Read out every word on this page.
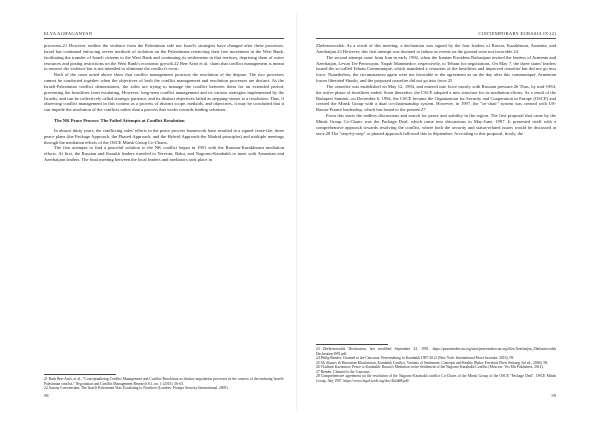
ELYA AGHAGANYAN

processes.21 However, neither the violence from the Palestinian side nor Israel's strategies have changed after these processes. Israel has continued enforcing severe methods of isolation on the Palestinians restricting their free movement in the West Bank, facilitating the transfer of Israeli citizens to the West Bank and continuing its settlements in that territory, depriving them of water resources and posing restrictions on the West Bank's economic growth.22 Ben-Artzi et al. claim that conflict management is meant to remove the violence but is not intended to eliminate the conflict's roots.

Both of the cases noted above show that conflict management protracts the resolution of the dispute. The two processes cannot be conducted together when the objectives of both the conflict management and resolution processes are distinct. As the Israeli-Palestinian conflict demonstrates, the sides are trying to manage the conflict between them for an extended period, preventing the hostilities from escalating. However, long-term conflict management and its various strategies implemented by the Israelis, and can be collectively called strategic patience, and its distinct objectives failed as stepping-stones to a resolution. Thus, if observing conflict management in this context as a process of distinct scope, methods, and objectives, it may be concluded that it can impede the resolution of the conflicts rather than a process that works towards finding solutions.

The NK Peace Process: The Failed Attempts at Conflict Resolution

In almost thirty years, the conflicting sides' efforts in the peace process framework have resulted in a signed cease-fire, three peace plans (the Package Approach, the Phased Approach, and the Hybrid Approach-the Madrid principles) and multiple meetings through the mediation efforts of the OSCE Minsk Group Co-Chairs.

The first attempts to find a peaceful solution to the NK conflict began in 1991 with the Russian-Kazakhstani mediation efforts. At first, the Russian and Kazakh leaders traveled to Yerevan, Baku, and Nagorno-Karabakh to meet with Armenian and Azerbaijani leaders. The final meeting between the local leaders and mediators took place in

21 Ruth Ben-Artzi, et al., "Conceptualizing Conflict Management and Conflict Resolution as distinct negotiation processes in the context of the enduring Israeli-Palestinian conflict," Negotiation and Conflict Management Research 8.1, no. 1 (2015): 56-63.

22 Antony Loewenstein, The Israeli-Palestinian War: Escalating to Nowhere (Londres: Praeger Security International, 2005).

58
CONTEMPORARY EURASIA IX (2)

Zheleznovodsk. As a result of this meeting, a declaration was signed by the four leaders of Russia, Kazakhstan, Armenia, and Azerbaijan.23 However, this first attempt was doomed to failure as events on the ground were not favorable.24

The second attempt came from Iran in early 1992, when the Iranian President Rafsanjani invited the leaders of Armenia and Azerbaijan, Levon Ter-Petrossyan, Yaqub Mammedov, respectively, to Tehran for negotiations. On May 7, the three states' leaders issued the so-called Tehran Communiqué, which mandated a cessation of the hostilities and improved ceasefire but did not go into force. Nonetheless, the circumstances again were not favorable to the agreement as on the day after this communiqué, Armenian forces liberated Shushi, and the proposed ceasefire did not go into force.25

The ceasefire was established on May 12, 1994, and entered into force mostly with Russian pressure.26 Thus, by mid-1994, the active phase of hostilities ended. Soon thereafter, the CSCE adopted a new structure for its mediation efforts. As a result of the Budapest Summit, on December 6, 1994, the CSCE became the Organization for Security and Cooperation in Europe (OSCE) and created the Minsk Group with a dual co-chairmanship system. However, in 1997, the "tri-chair" system was created with US-Russia-France leadership, which has lasted to the present.27

From this starts the endless discussions and search for peace and stability in the region. The first proposal that came by the Minsk Group Co-Chairs was the Package Deal, which came into discussions in May-June, 1997. It presented itself with a comprehensive approach towards resolving the conflict, where both the security and status-related issues would be discussed at once.28 The "step-by-step" or phased approach followed this in September. According to this proposal, firstly, the

23 Zheleznovodsk Declaration, last modified September 23, 1991. https://peacemaker.un.org/sites/peacemaker.un.org/files/Azerbaijan_Zheleznovodsk Declaration1991.pdf.

24 Philip Remler, Chained to the Caucasus: Peacemaking in Karabakh 1987-2012 (New York: International Peace Institute, 2016), 99.

25 Ali Abasov & Haroutiun Khachatrian, Karabakh Conflict: Variants of Settlement. Concepts and Reality (Baku: Friedrich Ebert Stiftung 3rd ed., 2006), 98.

26 Vladimir Kazimirov, Peace to Karabakh: Russia's Mediation in the Settlement of the Nagorno-Karabakh Conflict (Moscow: Ves Mir Publishers, 2014).

27 Remler, Chained to the Caucasus.

28 Comprehensive agreement on the resolution of the Nagorno-Karabakh conflict Co-Chairs of the Minsk Group of the OSCE "Package Deal", OSCE Minsk Group, July 1997, https://www.legal-tools.org/doc/4b2dd8/pdf/.

59
